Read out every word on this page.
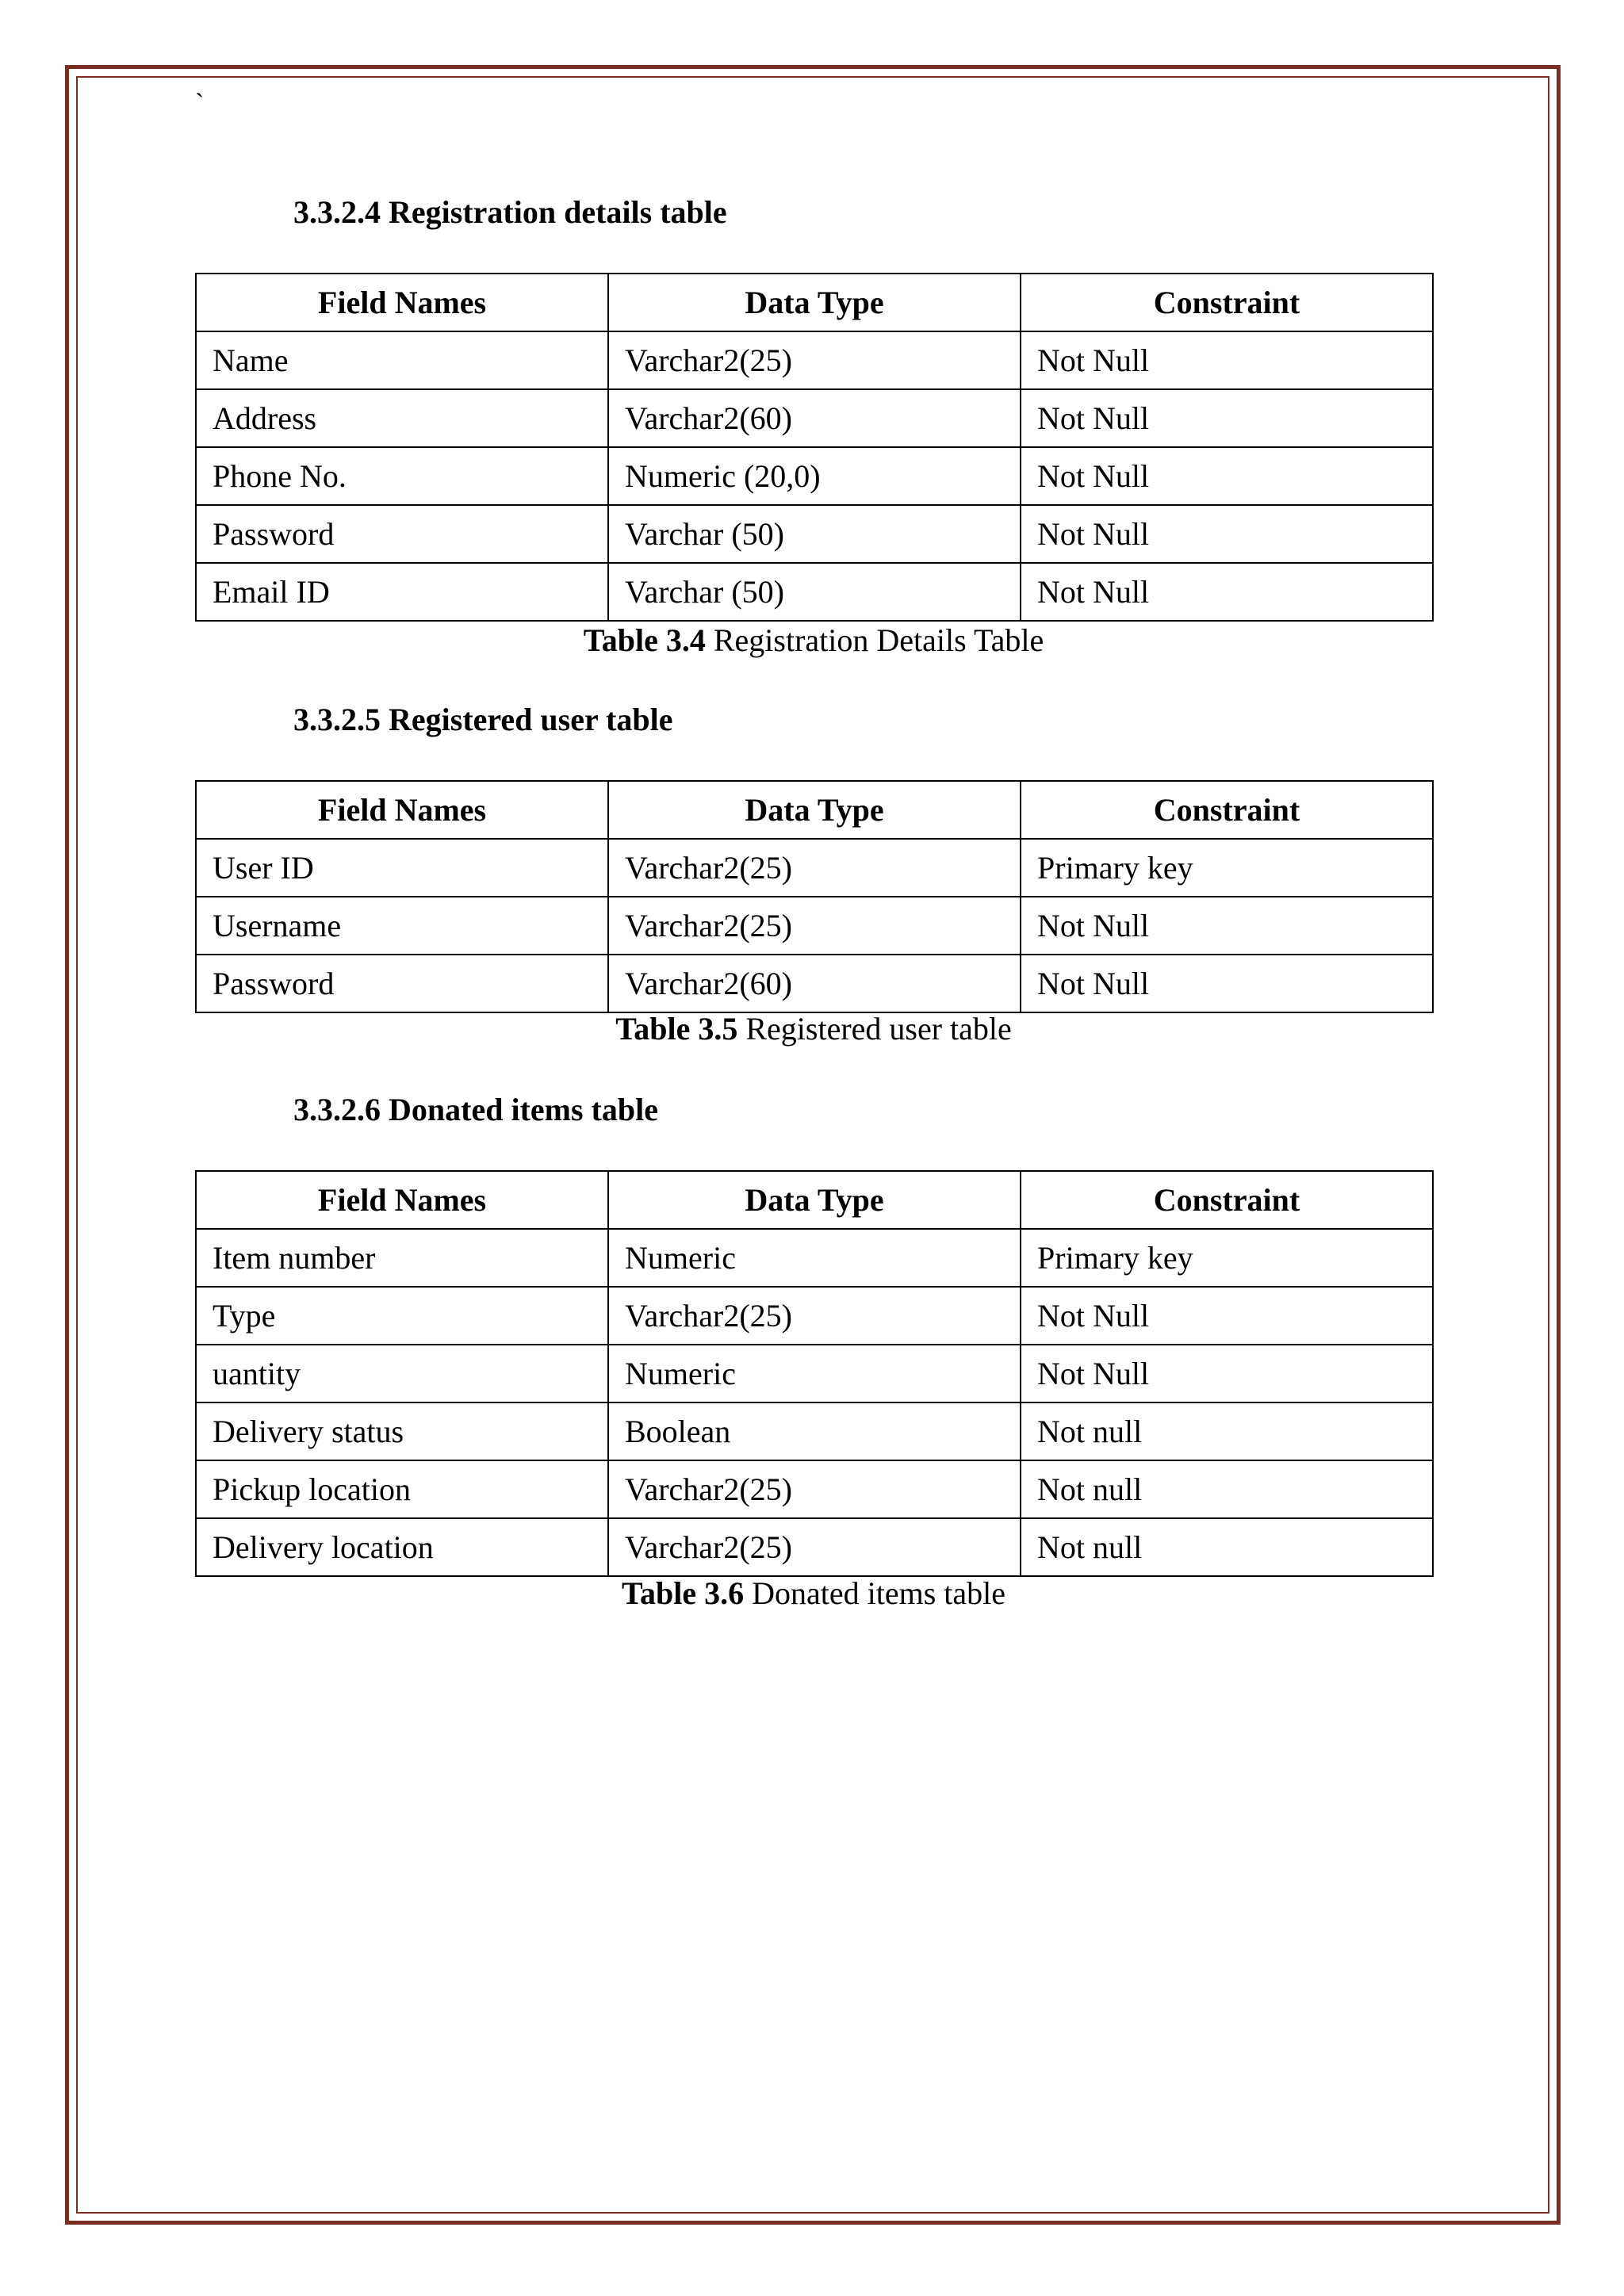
`
3.3.2.4 Registration details table
Field Names	Data Type	Constraint
Name	Varchar2(25)	Not Null
Address	Varchar2(60)	Not Null
Phone No.	Numeric (20,0)	Not Null
Password	Varchar (50)	Not Null
Email ID	Varchar (50)	Not Null
Table 3.4 Registration Details Table
3.3.2.5 Registered user table
Field Names	Data Type	Constraint
User ID	Varchar2(25)	Primary key
Username	Varchar2(25)	Not Null
Password	Varchar2(60)	Not Null
Table 3.5 Registered user table
3.3.2.6 Donated items table
Field Names	Data Type	Constraint
Item number	Numeric	Primary key
Type	Varchar2(25)	Not Null
uantity	Numeric	Not Null
Delivery status	Boolean	Not null
Pickup location	Varchar2(25)	Not null
Delivery location	Varchar2(25)	Not null
Table 3.6 Donated items table
